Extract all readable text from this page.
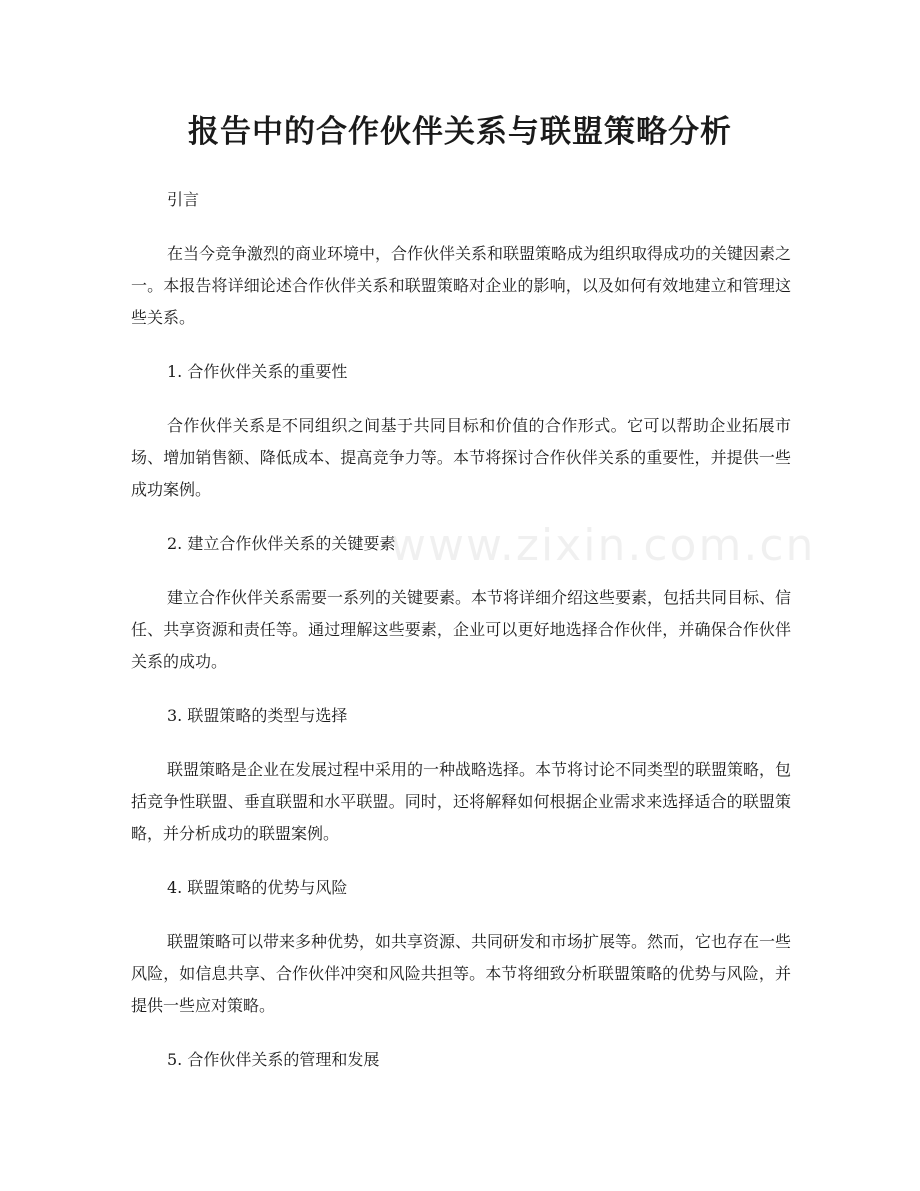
www.zixin.com.cn
报告中的合作伙伴关系与联盟策略分析

引言

在当今竞争激烈的商业环境中，合作伙伴关系和联盟策略成为组织取得成功的关键因素之一。本报告将详细论述合作伙伴关系和联盟策略对企业的影响，以及如何有效地建立和管理这些关系。

1. 合作伙伴关系的重要性

合作伙伴关系是不同组织之间基于共同目标和价值的合作形式。它可以帮助企业拓展市场、增加销售额、降低成本、提高竞争力等。本节将探讨合作伙伴关系的重要性，并提供一些成功案例。

2. 建立合作伙伴关系的关键要素

建立合作伙伴关系需要一系列的关键要素。本节将详细介绍这些要素，包括共同目标、信任、共享资源和责任等。通过理解这些要素，企业可以更好地选择合作伙伴，并确保合作伙伴关系的成功。

3. 联盟策略的类型与选择

联盟策略是企业在发展过程中采用的一种战略选择。本节将讨论不同类型的联盟策略，包括竞争性联盟、垂直联盟和水平联盟。同时，还将解释如何根据企业需求来选择适合的联盟策略，并分析成功的联盟案例。

4. 联盟策略的优势与风险

联盟策略可以带来多种优势，如共享资源、共同研发和市场扩展等。然而，它也存在一些风险，如信息共享、合作伙伴冲突和风险共担等。本节将细致分析联盟策略的优势与风险，并提供一些应对策略。

5. 合作伙伴关系的管理和发展
